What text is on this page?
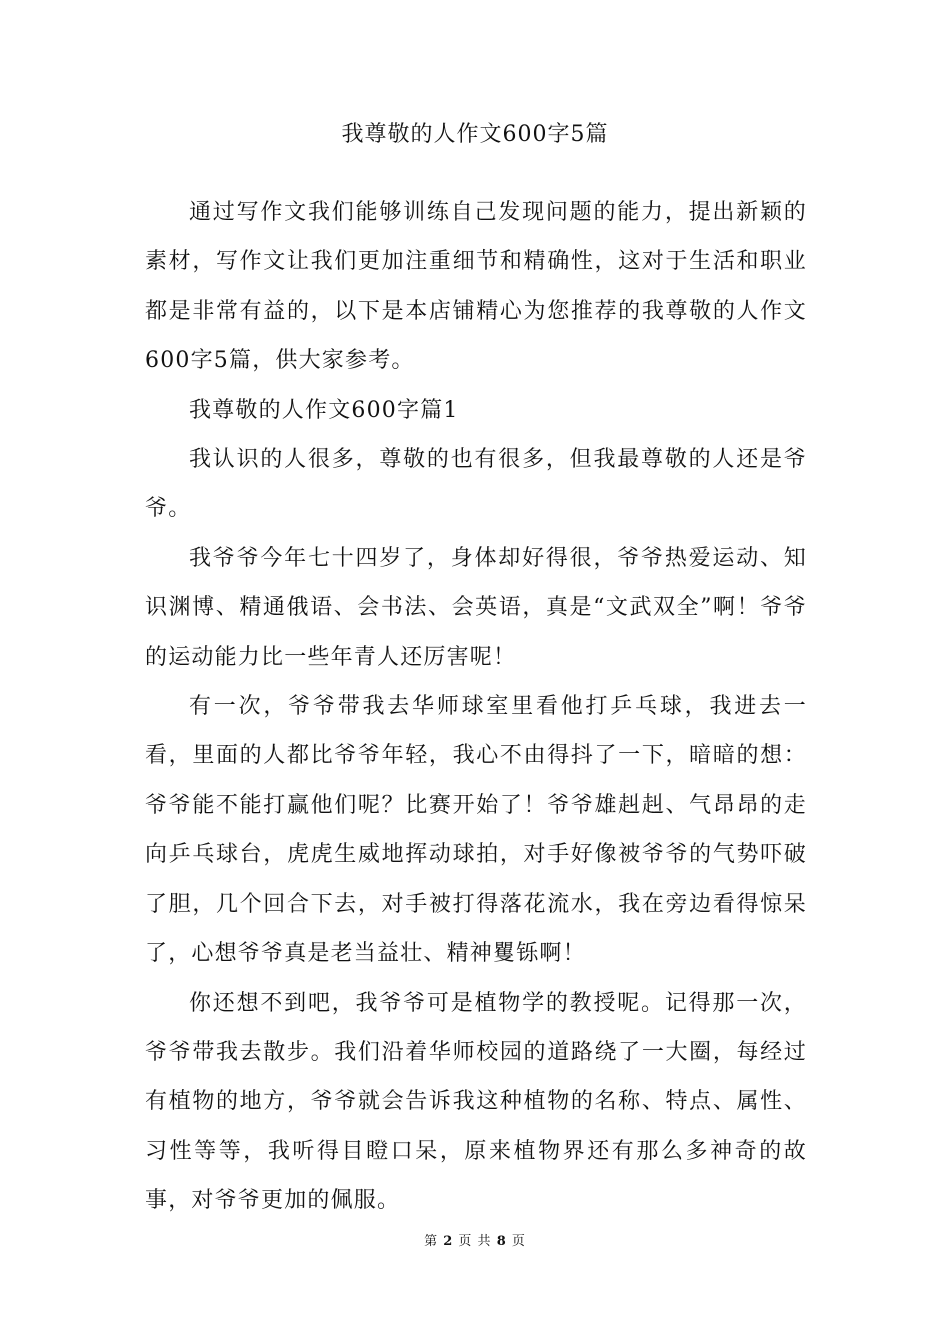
我尊敬的人作文600字5篇

通过写作文我们能够训练自己发现问题的能力，提出新颖的素材，写作文让我们更加注重细节和精确性，这对于生活和职业都是非常有益的，以下是本店铺精心为您推荐的我尊敬的人作文600字5篇，供大家参考。

我尊敬的人作文600字篇1

我认识的人很多，尊敬的也有很多，但我最尊敬的人还是爷爷。

我爷爷今年七十四岁了，身体却好得很，爷爷热爱运动、知识渊博、精通俄语、会书法、会英语，真是“文武双全”啊！爷爷的运动能力比一些年青人还厉害呢！

有一次，爷爷带我去华师球室里看他打乒乓球，我进去一看，里面的人都比爷爷年轻，我心不由得抖了一下，暗暗的想：爷爷能不能打赢他们呢？比赛开始了！爷爷雄赳赳、气昂昂的走向乒乓球台，虎虎生威地挥动球拍，对手好像被爷爷的气势吓破了胆，几个回合下去，对手被打得落花流水，我在旁边看得惊呆了，心想爷爷真是老当益壮、精神矍铄啊！

你还想不到吧，我爷爷可是植物学的教授呢。记得那一次，爷爷带我去散步。我们沿着华师校园的道路绕了一大圈，每经过有植物的地方，爷爷就会告诉我这种植物的名称、特点、属性、习性等等，我听得目瞪口呆，原来植物界还有那么多神奇的故事，对爷爷更加的佩服。

第 2 页 共 8 页
